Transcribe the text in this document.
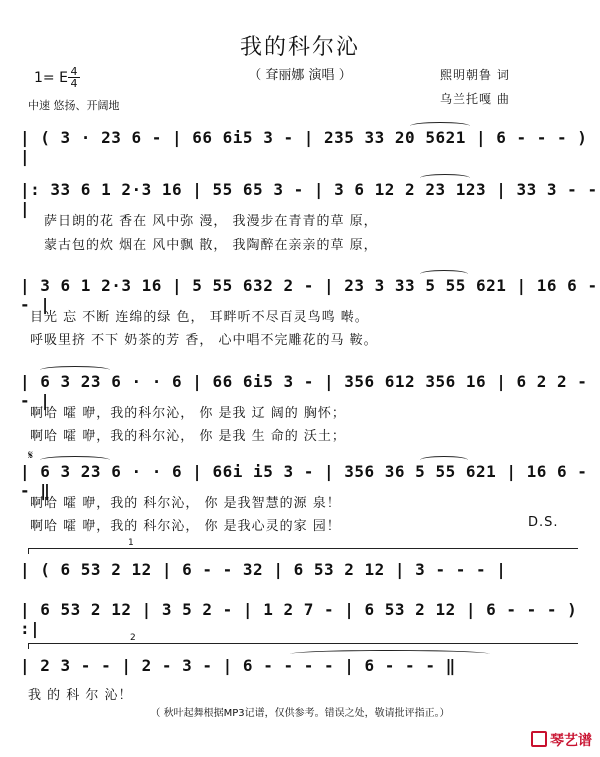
我的科尔沁
（ 耷丽娜 演唱 ）
1= E 4
4
中速 悠扬、开阔地
熙明朝鲁 词
乌兰托嘎 曲
| ( 3 · 23 6 - | 66 6i5 3 - | 235 33 20 5621 | 6 - - - ) |
|: 33 6 1 2·3 16 | 55 65 3 - | 3 6 12 2 23 123 | 33 3 - - |
萨日朗的花 香在 风中弥 漫， 我漫步在青青的草 原，
蒙古包的炊 烟在 风中飘 散， 我陶醉在亲亲的草 原，
| 3 6 1 2·3 16 | 5 55 632 2 - | 23 3 33 5 55 621 | 16 6 - - |
目光 忘 不断 连绵的绿 色， 耳畔听不尽百灵鸟鸣 啭。
呼吸里挤 不下 奶茶的芳 香， 心中唱不完雕花的马 鞍。
| 6 3 23 6 · · 6 | 66 6i5 3 - | 356 612 356 16 | 6 2 2 - - |
啊哈 嚯 咿，我的科尔沁， 你 是我 辽 阔的 胸怀；
啊哈 嚯 咿，我的科尔沁， 你 是我 生 命的 沃土；
𝄋
| 6 3 23 6 · · 6 | 66i i5 3 - | 356 36 5 55 621 | 16 6 - - ‖
啊哈 嚯 咿，我的 科尔沁， 你 是我智慧的源 泉！
啊哈 嚯 咿，我的 科尔沁， 你 是我心灵的家 园！	D.S.
1
| ( 6 53 2 12 | 6 - - 32 | 6 53 2 12 | 3 - - - |
| 6 53 2 12 | 3 5 2 - | 1 2 7 - | 6 53 2 12 | 6 - - - ) :|	2
| 2 3 - - | 2 - 3 - | 6 - - - - | 6 - - - ‖
我 的 科 尔 沁！
（ 秋叶起舞根据MP3记谱，仅供参考。错误之处，敬请批评指正。）
琴艺谱
